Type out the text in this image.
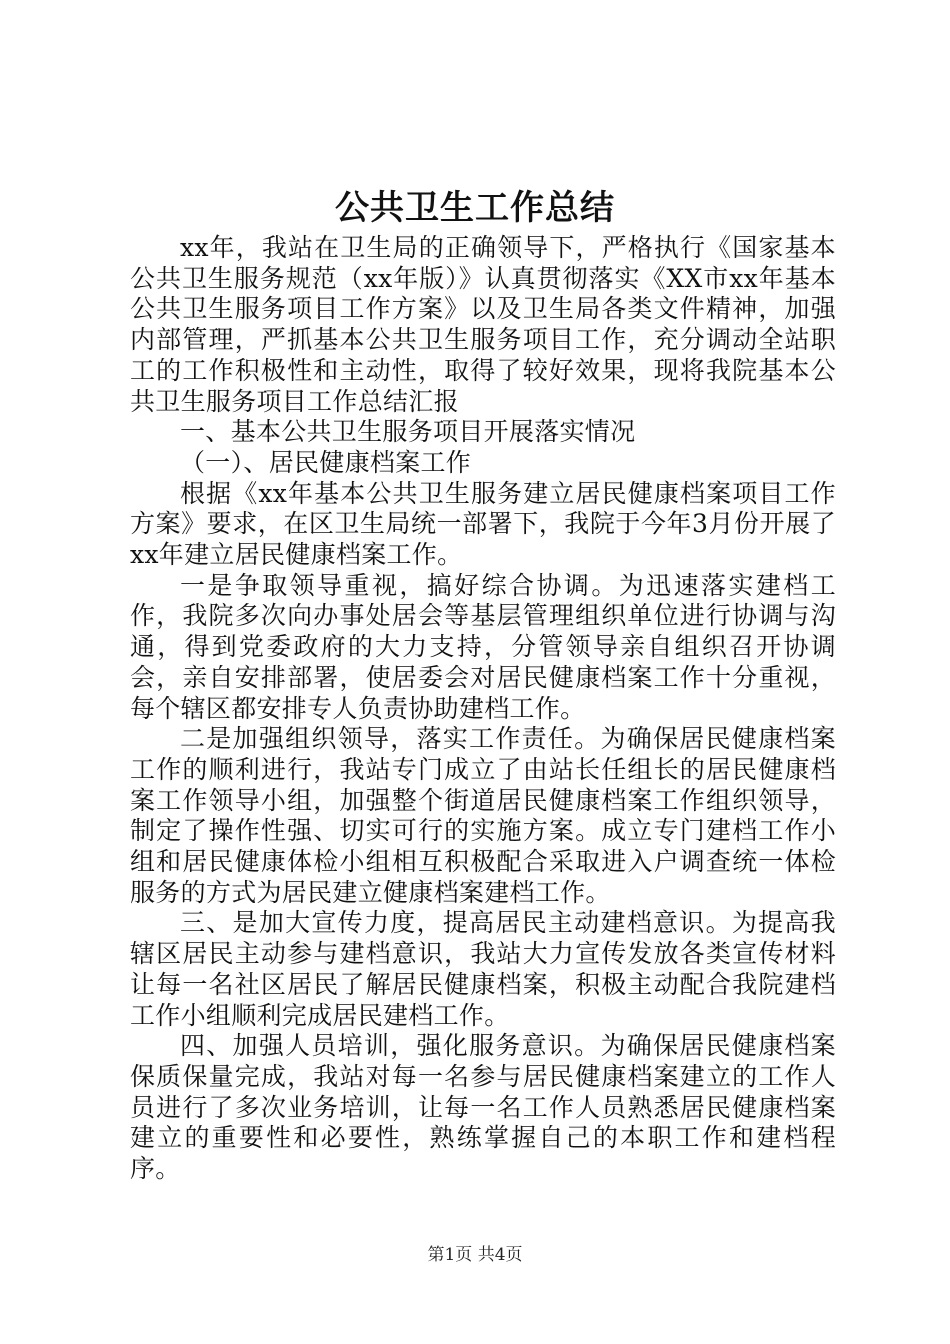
公共卫生工作总结

xx年，我站在卫生局的正确领导下，严格执行《国家基本公共卫生服务规范（xx年版）》认真贯彻落实《XX市xx年基本公共卫生服务项目工作方案》以及卫生局各类文件精神，加强内部管理，严抓基本公共卫生服务项目工作，充分调动全站职工的工作积极性和主动性，取得了较好效果，现将我院基本公共卫生服务项目工作总结汇报

一、基本公共卫生服务项目开展落实情况

（一）、居民健康档案工作

根据《xx年基本公共卫生服务建立居民健康档案项目工作方案》要求，在区卫生局统一部署下，我院于今年3月份开展了xx年建立居民健康档案工作。

一是争取领导重视，搞好综合协调。为迅速落实建档工作，我院多次向办事处居会等基层管理组织单位进行协调与沟通，得到党委政府的大力支持，分管领导亲自组织召开协调会，亲自安排部署，使居委会对居民健康档案工作十分重视，每个辖区都安排专人负责协助建档工作。

二是加强组织领导，落实工作责任。为确保居民健康档案工作的顺利进行，我站专门成立了由站长任组长的居民健康档案工作领导小组，加强整个街道居民健康档案工作组织领导，制定了操作性强、切实可行的实施方案。成立专门建档工作小组和居民健康体检小组相互积极配合采取进入户调查统一体检服务的方式为居民建立健康档案建档工作。

三、是加大宣传力度，提高居民主动建档意识。为提高我辖区居民主动参与建档意识，我站大力宣传发放各类宣传材料让每一名社区居民了解居民健康档案，积极主动配合我院建档工作小组顺利完成居民建档工作。

四、加强人员培训，强化服务意识。为确保居民健康档案保质保量完成，我站对每一名参与居民健康档案建立的工作人员进行了多次业务培训，让每一名工作人员熟悉居民健康档案建立的重要性和必要性，熟练掌握自己的本职工作和建档程序。

第1页 共4页
